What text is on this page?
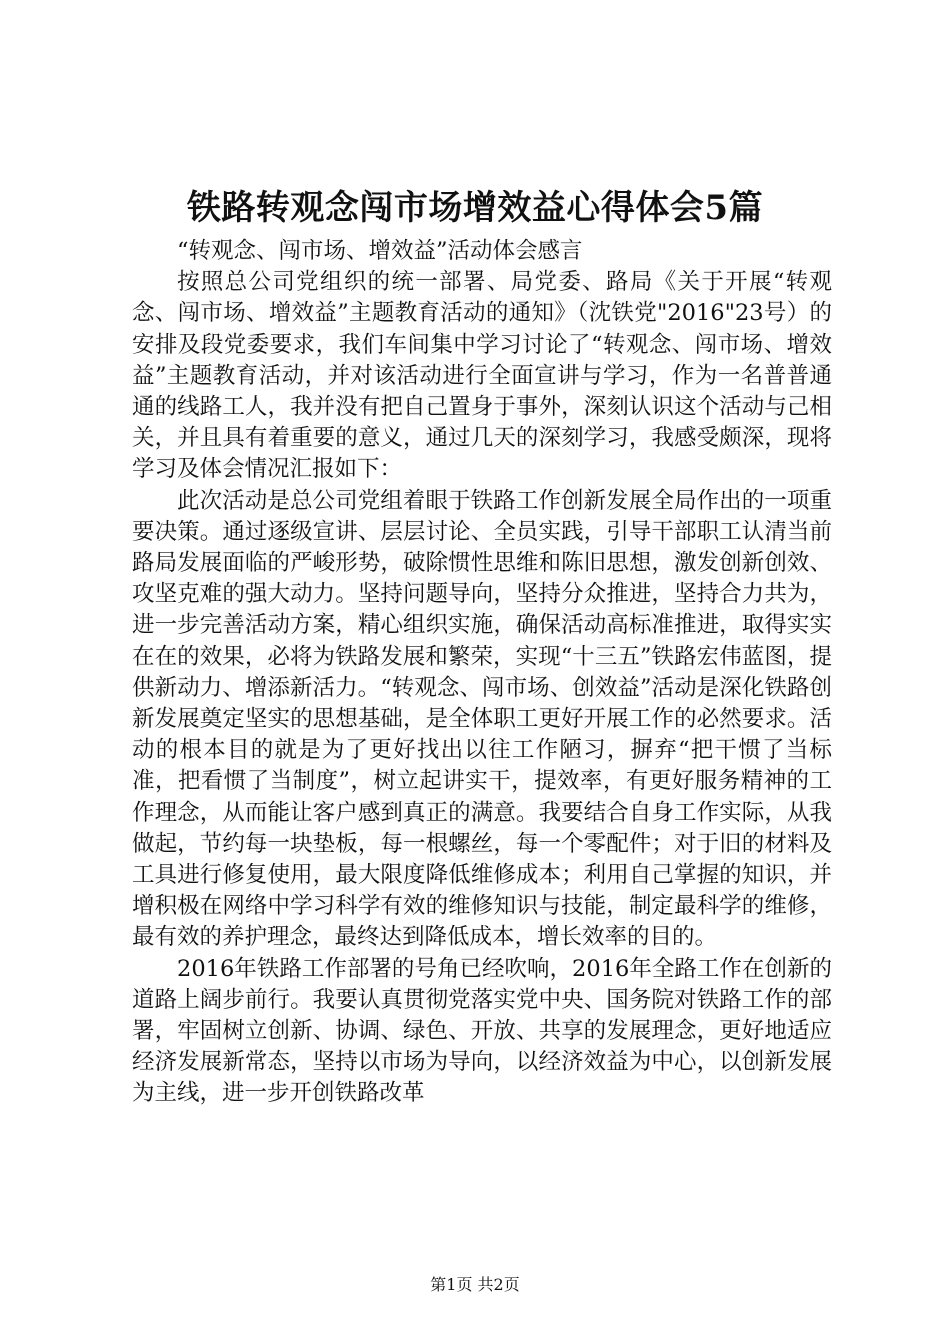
铁路转观念闯市场增效益心得体会5篇

“转观念、闯市场、增效益”活动体会感言

按照总公司党组织的统一部署、局党委、路局《关于开展“转观念、闯市场、增效益”主题教育活动的通知》（沈铁党"2016"23号）的安排及段党委要求，我们车间集中学习讨论了“转观念、闯市场、增效益”主题教育活动，并对该活动进行全面宣讲与学习，作为一名普普通通的线路工人，我并没有把自己置身于事外，深刻认识这个活动与己相关，并且具有着重要的意义，通过几天的深刻学习，我感受颇深，现将学习及体会情况汇报如下：

此次活动是总公司党组着眼于铁路工作创新发展全局作出的一项重要决策。通过逐级宣讲、层层讨论、全员实践，引导干部职工认清当前路局发展面临的严峻形势，破除惯性思维和陈旧思想，激发创新创效、攻坚克难的强大动力。坚持问题导向，坚持分众推进，坚持合力共为，进一步完善活动方案，精心组织实施，确保活动高标准推进，取得实实在在的效果，必将为铁路发展和繁荣，实现“十三五”铁路宏伟蓝图，提供新动力、增添新活力。“转观念、闯市场、创效益”活动是深化铁路创新发展奠定坚实的思想基础，是全体职工更好开展工作的必然要求。活动的根本目的就是为了更好找出以往工作陋习，摒弃“把干惯了当标准，把看惯了当制度”，树立起讲实干，提效率，有更好服务精神的工作理念，从而能让客户感到真正的满意。我要结合自身工作实际，从我做起，节约每一块垫板，每一根螺丝，每一个零配件；对于旧的材料及工具进行修复使用，最大限度降低维修成本；利用自己掌握的知识，并增积极在网络中学习科学有效的维修知识与技能，制定最科学的维修，最有效的养护理念，最终达到降低成本，增长效率的目的。

2016年铁路工作部署的号角已经吹响，2016年全路工作在创新的道路上阔步前行。我要认真贯彻党落实党中央、国务院对铁路工作的部署，牢固树立创新、协调、绿色、开放、共享的发展理念，更好地适应经济发展新常态，坚持以市场为导向，以经济效益为中心，以创新发展为主线，进一步开创铁路改革

第1页 共2页
